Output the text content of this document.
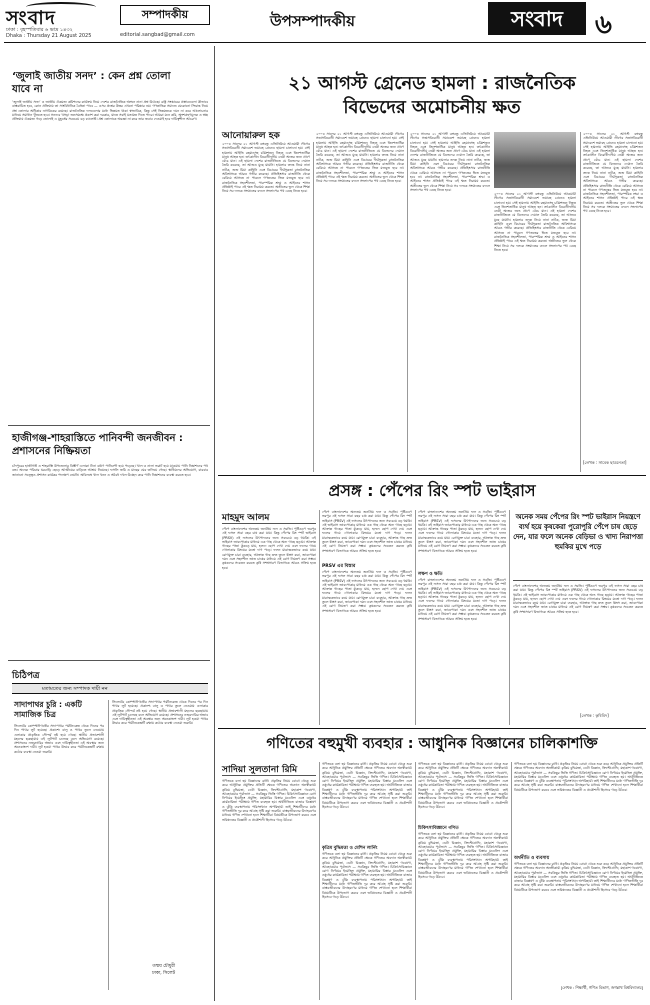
সংবাদ	সম্পাদকীয়
ঢাকা : বৃহস্পতিবার ৬ ভাদ্র ১৪৩২
Dhaka : Thursday 21 August 2025	editorial.sangbad@gmail.com
উপসম্পাদকীয়	সংবাদ	৬
‘জুলাই জাতীয় সনদ’ : কেন প্রশ্ন তোলা যাবে না
‘জুলাই জাতীয় সনদ’ ও জাতীয় ঐকমত্য কমিশনের কার্যক্রম নিয়ে দেশের রাজনৈতিক অঙ্গনে নানা প্রশ্ন উঠেছে। রাষ্ট্র সংস্কারের প্রস্তাবগুলো কীভাবে বাস্তবায়িত হবে, কোন প্রক্রিয়ায় তা সাংবিধানিক বৈধতা পাবে — এসব প্রশ্নের উত্তর এখনো পরিষ্কার নয়। গণতান্ত্রিক সমাজে যেকোনো সিদ্ধান্ত নিয়ে প্রশ্ন তোলার অধিকার নাগরিকের রয়েছে। রাজনৈতিক দলগুলোর মধ্যে ভিন্নমত থাকা স্বাভাবিক, কিন্তু সেই ভিন্নমতকে দমন না করে আলোচনার মাধ্যমে সমাধান খুঁজতে হবে। সনদের খসড়া জনসমক্ষে প্রকাশ করা দরকার, যাতে সবাই মতামত দিতে পারে। আমরা মনে করি, অংশগ্রহণমূলক ও স্বচ্ছ প্রক্রিয়ায় ঐকমত্য গড়ে তোলাই এ মুহূর্তের সবচেয়ে বড় চ্যালেঞ্জ। প্রশ্ন তোলাকে অবজ্ঞা না করে তার জবাব দেওয়াই হবে দায়িত্বশীল আচরণ।
হাজীগঞ্জ-শাহরাস্তিতে পানিবন্দী জনজীবন : প্রশাসনের নিষ্ক্রিয়তা
চাঁদপুরের হাজীগঞ্জ ও শাহরাস্তি উপজেলার বিস্তীর্ণ এলাকা টানা বর্ষণে পানিবন্দী হয়ে পড়েছে। খাল ও নালা ভরাট হয়ে যাওয়ায় পানি নিষ্কাশনের পথ বন্ধ। অনেক পরিবার ঘরবাড়ি ছেড়ে আত্মীয়ের বাড়িতে আশ্রয় নিয়েছে। ফসলি জমি ও মাছের ঘের তলিয়ে গেছে। স্থানীয়দের অভিযোগ, বারবার জানানো সত্ত্বেও প্রশাসন কার্যকর পদক্ষেপ নেয়নি। অবিলম্বে খাল খনন ও অবৈধ দখল উচ্ছেদ করে পানি নিষ্কাশনের ব্যবস্থা করতে হবে।
চিঠিপত্র
মতামতের জন্য সম্পাদক দায়ী নন
সাদাপাথর চুরি : একটি সামাজিক চিত্র
সিলেটের কোম্পানীগঞ্জের সাদাপাথর পর্যটনকেন্দ্র থেকে দিনের পর দিন পাথর লুট হয়েছে। প্রকাশ্যে বালু ও পাথর তুলে নেওয়ায় এলাকার প্রাকৃতিক সৌন্দর্য নষ্ট হয়ে গেছে। স্থানীয় প্রভাবশালী মহলের ছত্রছায়ায় এই লুটপাট চলেছে বলে অভিযোগ রয়েছে। প্রশাসনের নজরদারির অভাব এবং দায়িত্বহীনতা এই অবস্থার জন্য অনেকাংশে দায়ী। লুট হওয়া পাথর উদ্ধার করে পর্যটনকেন্দ্রটি রক্ষায় কঠোর ব্যবস্থা নেওয়া জরুরি।
সিলেটের কোম্পানীগঞ্জের সাদাপাথর পর্যটনকেন্দ্র থেকে দিনের পর দিন পাথর লুট হয়েছে। প্রকাশ্যে বালু ও পাথর তুলে নেওয়ায় এলাকার প্রাকৃতিক সৌন্দর্য নষ্ট হয়ে গেছে। স্থানীয় প্রভাবশালী মহলের ছত্রছায়ায় এই লুটপাট চলেছে বলে অভিযোগ রয়েছে। প্রশাসনের নজরদারির অভাব এবং দায়িত্বহীনতা এই অবস্থার জন্য অনেকাংশে দায়ী। লুট হওয়া পাথর উদ্ধার করে পর্যটনকেন্দ্রটি রক্ষায় কঠোর ব্যবস্থা নেওয়া জরুরি।
তন্ময় চৌধুরী
ঢাকা, সিলেট
২১ আগস্ট গ্রেনেড হামলা : রাজনৈতিক
বিভেদের অমোচনীয় ক্ষত
আনোয়ারুল হক
২০০৪ সালের ২১ আগস্ট বঙ্গবন্ধু এভিনিউয়ে আওয়ামী লীগের সন্ত্রাসবিরোধী সমাবেশে ভয়াবহ গ্রেনেড হামলা চালানো হয়। সেই হামলায় আইভি রহমানসহ চব্বিশজন নিহত এবং তিনশতাধিক মানুষ আহত হন। তৎকালীন বিরোধীদলীয় নেত্রী অল্পের জন্য প্রাণে বেঁচে যান। এই হামলা দেশের রাজনীতিতে যে বিভেদের দেয়াল তৈরি করেছে, তা আজও মুছে যায়নি। হামলার তদন্ত নিয়ে নানা নাটক, জজ মিয়া কাহিনি এবং বিচারের দীর্ঘসূত্রতা রাজনৈতিক অবিশ্বাসকে আরও গভীর করেছে। প্রতিহিংসার রাজনীতি থেকে বেরিয়ে আসতে না পারলে গণতন্ত্রের ভিত মজবুত হবে না। রাজনৈতিক সহনশীলতা, পারস্পরিক শ্রদ্ধা ও আইনের শাসন প্রতিষ্ঠাই পারে এই ক্ষত নিরাময় করতে। অতীতের ভুল থেকে শিক্ষা নিয়ে সব দলকে সংঘাতের বদলে সংলাপের পথ বেছে নিতে হবে।
২০০৪ সালের ২১ আগস্ট বঙ্গবন্ধু এভিনিউয়ে আওয়ামী লীগের সন্ত্রাসবিরোধী সমাবেশে ভয়াবহ গ্রেনেড হামলা চালানো হয়। সেই হামলায় আইভি রহমানসহ চব্বিশজন নিহত এবং তিনশতাধিক মানুষ আহত হন। তৎকালীন বিরোধীদলীয় নেত্রী অল্পের জন্য প্রাণে বেঁচে যান। এই হামলা দেশের রাজনীতিতে যে বিভেদের দেয়াল তৈরি করেছে, তা আজও মুছে যায়নি। হামলার তদন্ত নিয়ে নানা নাটক, জজ মিয়া কাহিনি এবং বিচারের দীর্ঘসূত্রতা রাজনৈতিক অবিশ্বাসকে আরও গভীর করেছে। প্রতিহিংসার রাজনীতি থেকে বেরিয়ে আসতে না পারলে গণতন্ত্রের ভিত মজবুত হবে না। রাজনৈতিক সহনশীলতা, পারস্পরিক শ্রদ্ধা ও আইনের শাসন প্রতিষ্ঠাই পারে এই ক্ষত নিরাময় করতে। অতীতের ভুল থেকে শিক্ষা নিয়ে সব দলকে সংঘাতের বদলে সংলাপের পথ বেছে নিতে হবে।
২০০৪ সালের ২১ আগস্ট বঙ্গবন্ধু এভিনিউয়ে আওয়ামী লীগের সন্ত্রাসবিরোধী সমাবেশে ভয়াবহ গ্রেনেড হামলা চালানো হয়। সেই হামলায় আইভি রহমানসহ চব্বিশজন নিহত এবং তিনশতাধিক মানুষ আহত হন। তৎকালীন বিরোধীদলীয় নেত্রী অল্পের জন্য প্রাণে বেঁচে যান। এই হামলা দেশের রাজনীতিতে যে বিভেদের দেয়াল তৈরি করেছে, তা আজও মুছে যায়নি। হামলার তদন্ত নিয়ে নানা নাটক, জজ মিয়া কাহিনি এবং বিচারের দীর্ঘসূত্রতা রাজনৈতিক অবিশ্বাসকে আরও গভীর করেছে। প্রতিহিংসার রাজনীতি থেকে বেরিয়ে আসতে না পারলে গণতন্ত্রের ভিত মজবুত হবে না। রাজনৈতিক সহনশীলতা, পারস্পরিক শ্রদ্ধা ও আইনের শাসন প্রতিষ্ঠাই পারে এই ক্ষত নিরাময় করতে। অতীতের ভুল থেকে শিক্ষা নিয়ে সব দলকে সংঘাতের বদলে সংলাপের পথ বেছে নিতে হবে।
২০০৪ সালের ২১ আগস্ট বঙ্গবন্ধু এভিনিউয়ে আওয়ামী লীগের সন্ত্রাসবিরোধী সমাবেশে ভয়াবহ গ্রেনেড হামলা চালানো হয়। সেই হামলায় আইভি রহমানসহ চব্বিশজন নিহত এবং তিনশতাধিক মানুষ আহত হন। তৎকালীন বিরোধীদলীয় নেত্রী অল্পের জন্য প্রাণে বেঁচে যান। এই হামলা দেশের রাজনীতিতে যে বিভেদের দেয়াল তৈরি করেছে, তা আজও মুছে যায়নি। হামলার তদন্ত নিয়ে নানা নাটক, জজ মিয়া কাহিনি এবং বিচারের দীর্ঘসূত্রতা রাজনৈতিক অবিশ্বাসকে আরও গভীর করেছে। প্রতিহিংসার রাজনীতি থেকে বেরিয়ে আসতে না পারলে গণতন্ত্রের ভিত মজবুত হবে না। রাজনৈতিক সহনশীলতা, পারস্পরিক শ্রদ্ধা ও আইনের শাসন প্রতিষ্ঠাই পারে এই ক্ষত নিরাময় করতে। অতীতের ভুল থেকে শিক্ষা নিয়ে সব দলকে সংঘাতের বদলে সংলাপের পথ বেছে নিতে হবে।
২০০৪ সালের ২১ আগস্ট বঙ্গবন্ধু এভিনিউয়ে আওয়ামী লীগের সন্ত্রাসবিরোধী সমাবেশে ভয়াবহ গ্রেনেড হামলা চালানো হয়। সেই হামলায় আইভি রহমানসহ চব্বিশজন নিহত এবং তিনশতাধিক মানুষ আহত হন। তৎকালীন বিরোধীদলীয় নেত্রী অল্পের জন্য প্রাণে বেঁচে যান। এই হামলা দেশের রাজনীতিতে যে বিভেদের দেয়াল তৈরি করেছে, তা আজও মুছে যায়নি। হামলার তদন্ত নিয়ে নানা নাটক, জজ মিয়া কাহিনি এবং বিচারের দীর্ঘসূত্রতা রাজনৈতিক অবিশ্বাসকে আরও গভীর করেছে। প্রতিহিংসার রাজনীতি থেকে বেরিয়ে আসতে না পারলে গণতন্ত্রের ভিত মজবুত হবে না। রাজনৈতিক সহনশীলতা, পারস্পরিক শ্রদ্ধা ও আইনের শাসন প্রতিষ্ঠাই পারে এই ক্ষত নিরাময় করতে। অতীতের ভুল থেকে শিক্ষা নিয়ে সব দলকে সংঘাতের বদলে সংলাপের পথ বেছে নিতে হবে।
[লেখক : সাবেক ছাত্রনেতা]
প্রসঙ্গ : পেঁপের রিং স্পট ভাইরাস
মাহমুদ আলম
পেঁপে বাংলাদেশের অন্যতম জনপ্রিয় ফল ও সবজি। পুষ্টিগুণে ভরপুর এই ফসল সারা বছর চাষ করা যায়। কিন্তু পেঁপের রিং স্পট ভাইরাস (PRSV) এই ফসলের উৎপাদনের জন্য সবচেয়ে বড় হুমকি। এই ভাইরাস জাবপোকার মাধ্যমে এক গাছ থেকে অন্য গাছে ছড়ায়। আক্রান্ত গাছের পাতা কুঁকড়ে যায়, হলদে ছোপ দেখা দেয় এবং ফলের গায়ে গোলাকার রিংয়ের মতো দাগ পড়ে। ফলন মারাত্মকভাবে কমে যায়। রোগমুক্ত চারা ব্যবহার, আক্রান্ত গাছ দ্রুত তুলে ধ্বংস করা, জাবপোকা দমন এবং সহনশীল জাত চাষের মাধ্যমে এই রোগ নিয়ন্ত্রণ করা সম্ভব। কৃষকদের সচেতন করতে কৃষি সম্প্রসারণ বিভাগকে আরও সক্রিয় হতে হবে।
পেঁপে বাংলাদেশের অন্যতম জনপ্রিয় ফল ও সবজি। পুষ্টিগুণে ভরপুর এই ফসল সারা বছর চাষ করা যায়। কিন্তু পেঁপের রিং স্পট ভাইরাস (PRSV) এই ফসলের উৎপাদনের জন্য সবচেয়ে বড় হুমকি। এই ভাইরাস জাবপোকার মাধ্যমে এক গাছ থেকে অন্য গাছে ছড়ায়। আক্রান্ত গাছের পাতা কুঁকড়ে যায়, হলদে ছোপ দেখা দেয় এবং ফলের গায়ে গোলাকার রিংয়ের মতো দাগ পড়ে। ফলন মারাত্মকভাবে কমে যায়। রোগমুক্ত চারা ব্যবহার, আক্রান্ত গাছ দ্রুত তুলে ধ্বংস করা, জাবপোকা দমন এবং সহনশীল জাত চাষের মাধ্যমে এই রোগ নিয়ন্ত্রণ করা সম্ভব। কৃষকদের সচেতন করতে কৃষি সম্প্রসারণ বিভাগকে আরও সক্রিয় হতে হবে।
PRSV এর বিস্তার
পেঁপে বাংলাদেশের অন্যতম জনপ্রিয় ফল ও সবজি। পুষ্টিগুণে ভরপুর এই ফসল সারা বছর চাষ করা যায়। কিন্তু পেঁপের রিং স্পট ভাইরাস (PRSV) এই ফসলের উৎপাদনের জন্য সবচেয়ে বড় হুমকি। এই ভাইরাস জাবপোকার মাধ্যমে এক গাছ থেকে অন্য গাছে ছড়ায়। আক্রান্ত গাছের পাতা কুঁকড়ে যায়, হলদে ছোপ দেখা দেয় এবং ফলের গায়ে গোলাকার রিংয়ের মতো দাগ পড়ে। ফলন মারাত্মকভাবে কমে যায়। রোগমুক্ত চারা ব্যবহার, আক্রান্ত গাছ দ্রুত তুলে ধ্বংস করা, জাবপোকা দমন এবং সহনশীল জাত চাষের মাধ্যমে এই রোগ নিয়ন্ত্রণ করা সম্ভব। কৃষকদের সচেতন করতে কৃষি সম্প্রসারণ বিভাগকে আরও সক্রিয় হতে হবে।
পেঁপে বাংলাদেশের অন্যতম জনপ্রিয় ফল ও সবজি। পুষ্টিগুণে ভরপুর এই ফসল সারা বছর চাষ করা যায়। কিন্তু পেঁপের রিং স্পট ভাইরাস (PRSV) এই ফসলের উৎপাদনের জন্য সবচেয়ে বড় হুমকি। এই ভাইরাস জাবপোকার মাধ্যমে এক গাছ থেকে অন্য গাছে ছড়ায়। আক্রান্ত গাছের পাতা কুঁকড়ে যায়, হলদে ছোপ দেখা দেয় এবং ফলের গায়ে গোলাকার রিংয়ের মতো দাগ পড়ে। ফলন মারাত্মকভাবে কমে যায়। রোগমুক্ত চারা ব্যবহার, আক্রান্ত গাছ দ্রুত তুলে ধ্বংস করা, জাবপোকা দমন এবং সহনশীল জাত চাষের মাধ্যমে এই রোগ নিয়ন্ত্রণ করা সম্ভব। কৃষকদের সচেতন করতে কৃষি সম্প্রসারণ বিভাগকে আরও সক্রিয় হতে হবে।
লক্ষণ ও ক্ষতি
পেঁপে বাংলাদেশের অন্যতম জনপ্রিয় ফল ও সবজি। পুষ্টিগুণে ভরপুর এই ফসল সারা বছর চাষ করা যায়। কিন্তু পেঁপের রিং স্পট ভাইরাস (PRSV) এই ফসলের উৎপাদনের জন্য সবচেয়ে বড় হুমকি। এই ভাইরাস জাবপোকার মাধ্যমে এক গাছ থেকে অন্য গাছে ছড়ায়। আক্রান্ত গাছের পাতা কুঁকড়ে যায়, হলদে ছোপ দেখা দেয় এবং ফলের গায়ে গোলাকার রিংয়ের মতো দাগ পড়ে। ফলন মারাত্মকভাবে কমে যায়। রোগমুক্ত চারা ব্যবহার, আক্রান্ত গাছ দ্রুত তুলে ধ্বংস করা, জাবপোকা দমন এবং সহনশীল জাত চাষের মাধ্যমে এই রোগ নিয়ন্ত্রণ করা সম্ভব। কৃষকদের সচেতন করতে কৃষি সম্প্রসারণ বিভাগকে আরও সক্রিয় হতে হবে।
অনেক সময় পেঁপের রিং স্পট ভাইরাস নিয়ন্ত্রণে ব্যর্থ হয়ে কৃষকেরা পুরোপুরি পেঁপে চাষ ছেড়ে দেন, যার ফলে অনেক বেড়িভা ও খাদ্য নিরাপত্তা হুমকির মুখে পড়ে
পেঁপে বাংলাদেশের অন্যতম জনপ্রিয় ফল ও সবজি। পুষ্টিগুণে ভরপুর এই ফসল সারা বছর চাষ করা যায়। কিন্তু পেঁপের রিং স্পট ভাইরাস (PRSV) এই ফসলের উৎপাদনের জন্য সবচেয়ে বড় হুমকি। এই ভাইরাস জাবপোকার মাধ্যমে এক গাছ থেকে অন্য গাছে ছড়ায়। আক্রান্ত গাছের পাতা কুঁকড়ে যায়, হলদে ছোপ দেখা দেয় এবং ফলের গায়ে গোলাকার রিংয়ের মতো দাগ পড়ে। ফলন মারাত্মকভাবে কমে যায়। রোগমুক্ত চারা ব্যবহার, আক্রান্ত গাছ দ্রুত তুলে ধ্বংস করা, জাবপোকা দমন এবং সহনশীল জাত চাষের মাধ্যমে এই রোগ নিয়ন্ত্রণ করা সম্ভব। কৃষকদের সচেতন করতে কৃষি সম্প্রসারণ বিভাগকে আরও সক্রিয় হতে হবে।
[লেখক : কৃষিবিদ]
গণিতের বহুমুখী ব্যবহার : আধুনিক বিজ্ঞানের চালিকাশক্তি
সাদিয়া সুলতানা রিমি
গণিতকে বলা হয় বিজ্ঞানের রানী। প্রকৃতির নিয়ম বোঝা থেকে শুরু করে আধুনিক প্রযুক্তির প্রতিটি ক্ষেত্রে গণিতের অবদান অনস্বীকার্য। কৃত্রিম বুদ্ধিমত্তা, ডেটা বিজ্ঞান, ক্রিপ্টোগ্রাফি, মহাকাশ গবেষণা, আবহাওয়ার পূর্বাভাস — সবকিছুর ভিত্তি গণিত। চিকিৎসাবিজ্ঞানে রোগ নির্ণয়ের ইমেজিং প্রযুক্তি, মহামারির বিস্তার মডেলিং এবং ওষুধের কার্যকারিতা পরীক্ষায় গণিত ব্যবহৃত হয়। অর্থনীতিতে বাজার বিশ্লেষণ ও ঝুঁকি ব্যবস্থাপনায় পরিসংখ্যান অপরিহার্য। তাই শিক্ষার্থীদের মধ্যে গণিতভীতি দূর করে আগ্রহ সৃষ্টি করা জরুরি। বাস্তবজীবনের উদাহরণের মাধ্যমে গণিত শেখানো হলে শিক্ষার্থীরা বিষয়টিকে উপভোগ করবে এবং ভবিষ্যতের বিজ্ঞানী ও প্রকৌশলী হিসেবে গড়ে উঠবে।
গণিতকে বলা হয় বিজ্ঞানের রানী। প্রকৃতির নিয়ম বোঝা থেকে শুরু করে আধুনিক প্রযুক্তির প্রতিটি ক্ষেত্রে গণিতের অবদান অনস্বীকার্য। কৃত্রিম বুদ্ধিমত্তা, ডেটা বিজ্ঞান, ক্রিপ্টোগ্রাফি, মহাকাশ গবেষণা, আবহাওয়ার পূর্বাভাস — সবকিছুর ভিত্তি গণিত। চিকিৎসাবিজ্ঞানে রোগ নির্ণয়ের ইমেজিং প্রযুক্তি, মহামারির বিস্তার মডেলিং এবং ওষুধের কার্যকারিতা পরীক্ষায় গণিত ব্যবহৃত হয়। অর্থনীতিতে বাজার বিশ্লেষণ ও ঝুঁকি ব্যবস্থাপনায় পরিসংখ্যান অপরিহার্য। তাই শিক্ষার্থীদের মধ্যে গণিতভীতি দূর করে আগ্রহ সৃষ্টি করা জরুরি। বাস্তবজীবনের উদাহরণের মাধ্যমে গণিত শেখানো হলে শিক্ষার্থীরা বিষয়টিকে উপভোগ করবে এবং ভবিষ্যতের বিজ্ঞানী ও প্রকৌশলী হিসেবে গড়ে উঠবে।
কৃত্রিম বুদ্ধিমত্তা ও মেশিন লার্নিং
গণিতকে বলা হয় বিজ্ঞানের রানী। প্রকৃতির নিয়ম বোঝা থেকে শুরু করে আধুনিক প্রযুক্তির প্রতিটি ক্ষেত্রে গণিতের অবদান অনস্বীকার্য। কৃত্রিম বুদ্ধিমত্তা, ডেটা বিজ্ঞান, ক্রিপ্টোগ্রাফি, মহাকাশ গবেষণা, আবহাওয়ার পূর্বাভাস — সবকিছুর ভিত্তি গণিত। চিকিৎসাবিজ্ঞানে রোগ নির্ণয়ের ইমেজিং প্রযুক্তি, মহামারির বিস্তার মডেলিং এবং ওষুধের কার্যকারিতা পরীক্ষায় গণিত ব্যবহৃত হয়। অর্থনীতিতে বাজার বিশ্লেষণ ও ঝুঁকি ব্যবস্থাপনায় পরিসংখ্যান অপরিহার্য। তাই শিক্ষার্থীদের মধ্যে গণিতভীতি দূর করে আগ্রহ সৃষ্টি করা জরুরি। বাস্তবজীবনের উদাহরণের মাধ্যমে গণিত শেখানো হলে শিক্ষার্থীরা বিষয়টিকে উপভোগ করবে এবং ভবিষ্যতের বিজ্ঞানী ও প্রকৌশলী হিসেবে গড়ে উঠবে।
গণিতকে বলা হয় বিজ্ঞানের রানী। প্রকৃতির নিয়ম বোঝা থেকে শুরু করে আধুনিক প্রযুক্তির প্রতিটি ক্ষেত্রে গণিতের অবদান অনস্বীকার্য। কৃত্রিম বুদ্ধিমত্তা, ডেটা বিজ্ঞান, ক্রিপ্টোগ্রাফি, মহাকাশ গবেষণা, আবহাওয়ার পূর্বাভাস — সবকিছুর ভিত্তি গণিত। চিকিৎসাবিজ্ঞানে রোগ নির্ণয়ের ইমেজিং প্রযুক্তি, মহামারির বিস্তার মডেলিং এবং ওষুধের কার্যকারিতা পরীক্ষায় গণিত ব্যবহৃত হয়। অর্থনীতিতে বাজার বিশ্লেষণ ও ঝুঁকি ব্যবস্থাপনায় পরিসংখ্যান অপরিহার্য। তাই শিক্ষার্থীদের মধ্যে গণিতভীতি দূর করে আগ্রহ সৃষ্টি করা জরুরি। বাস্তবজীবনের উদাহরণের মাধ্যমে গণিত শেখানো হলে শিক্ষার্থীরা বিষয়টিকে উপভোগ করবে এবং ভবিষ্যতের বিজ্ঞানী ও প্রকৌশলী হিসেবে গড়ে উঠবে।
চিকিৎসাবিজ্ঞানে গণিত
গণিতকে বলা হয় বিজ্ঞানের রানী। প্রকৃতির নিয়ম বোঝা থেকে শুরু করে আধুনিক প্রযুক্তির প্রতিটি ক্ষেত্রে গণিতের অবদান অনস্বীকার্য। কৃত্রিম বুদ্ধিমত্তা, ডেটা বিজ্ঞান, ক্রিপ্টোগ্রাফি, মহাকাশ গবেষণা, আবহাওয়ার পূর্বাভাস — সবকিছুর ভিত্তি গণিত। চিকিৎসাবিজ্ঞানে রোগ নির্ণয়ের ইমেজিং প্রযুক্তি, মহামারির বিস্তার মডেলিং এবং ওষুধের কার্যকারিতা পরীক্ষায় গণিত ব্যবহৃত হয়। অর্থনীতিতে বাজার বিশ্লেষণ ও ঝুঁকি ব্যবস্থাপনায় পরিসংখ্যান অপরিহার্য। তাই শিক্ষার্থীদের মধ্যে গণিতভীতি দূর করে আগ্রহ সৃষ্টি করা জরুরি। বাস্তবজীবনের উদাহরণের মাধ্যমে গণিত শেখানো হলে শিক্ষার্থীরা বিষয়টিকে উপভোগ করবে এবং ভবিষ্যতের বিজ্ঞানী ও প্রকৌশলী হিসেবে গড়ে উঠবে।
গণিতকে বলা হয় বিজ্ঞানের রানী। প্রকৃতির নিয়ম বোঝা থেকে শুরু করে আধুনিক প্রযুক্তির প্রতিটি ক্ষেত্রে গণিতের অবদান অনস্বীকার্য। কৃত্রিম বুদ্ধিমত্তা, ডেটা বিজ্ঞান, ক্রিপ্টোগ্রাফি, মহাকাশ গবেষণা, আবহাওয়ার পূর্বাভাস — সবকিছুর ভিত্তি গণিত। চিকিৎসাবিজ্ঞানে রোগ নির্ণয়ের ইমেজিং প্রযুক্তি, মহামারির বিস্তার মডেলিং এবং ওষুধের কার্যকারিতা পরীক্ষায় গণিত ব্যবহৃত হয়। অর্থনীতিতে বাজার বিশ্লেষণ ও ঝুঁকি ব্যবস্থাপনায় পরিসংখ্যান অপরিহার্য। তাই শিক্ষার্থীদের মধ্যে গণিতভীতি দূর করে আগ্রহ সৃষ্টি করা জরুরি। বাস্তবজীবনের উদাহরণের মাধ্যমে গণিত শেখানো হলে শিক্ষার্থীরা বিষয়টিকে উপভোগ করবে এবং ভবিষ্যতের বিজ্ঞানী ও প্রকৌশলী হিসেবে গড়ে উঠবে।
অর্থনীতি ও ব্যবসায়
গণিতকে বলা হয় বিজ্ঞানের রানী। প্রকৃতির নিয়ম বোঝা থেকে শুরু করে আধুনিক প্রযুক্তির প্রতিটি ক্ষেত্রে গণিতের অবদান অনস্বীকার্য। কৃত্রিম বুদ্ধিমত্তা, ডেটা বিজ্ঞান, ক্রিপ্টোগ্রাফি, মহাকাশ গবেষণা, আবহাওয়ার পূর্বাভাস — সবকিছুর ভিত্তি গণিত। চিকিৎসাবিজ্ঞানে রোগ নির্ণয়ের ইমেজিং প্রযুক্তি, মহামারির বিস্তার মডেলিং এবং ওষুধের কার্যকারিতা পরীক্ষায় গণিত ব্যবহৃত হয়। অর্থনীতিতে বাজার বিশ্লেষণ ও ঝুঁকি ব্যবস্থাপনায় পরিসংখ্যান অপরিহার্য। তাই শিক্ষার্থীদের মধ্যে গণিতভীতি দূর করে আগ্রহ সৃষ্টি করা জরুরি। বাস্তবজীবনের উদাহরণের মাধ্যমে গণিত শেখানো হলে শিক্ষার্থীরা বিষয়টিকে উপভোগ করবে এবং ভবিষ্যতের বিজ্ঞানী ও প্রকৌশলী হিসেবে গড়ে উঠবে।
[লেখক : শিক্ষার্থী, গণিত বিভাগ, জগন্নাথ বিশ্ববিদ্যালয়]
